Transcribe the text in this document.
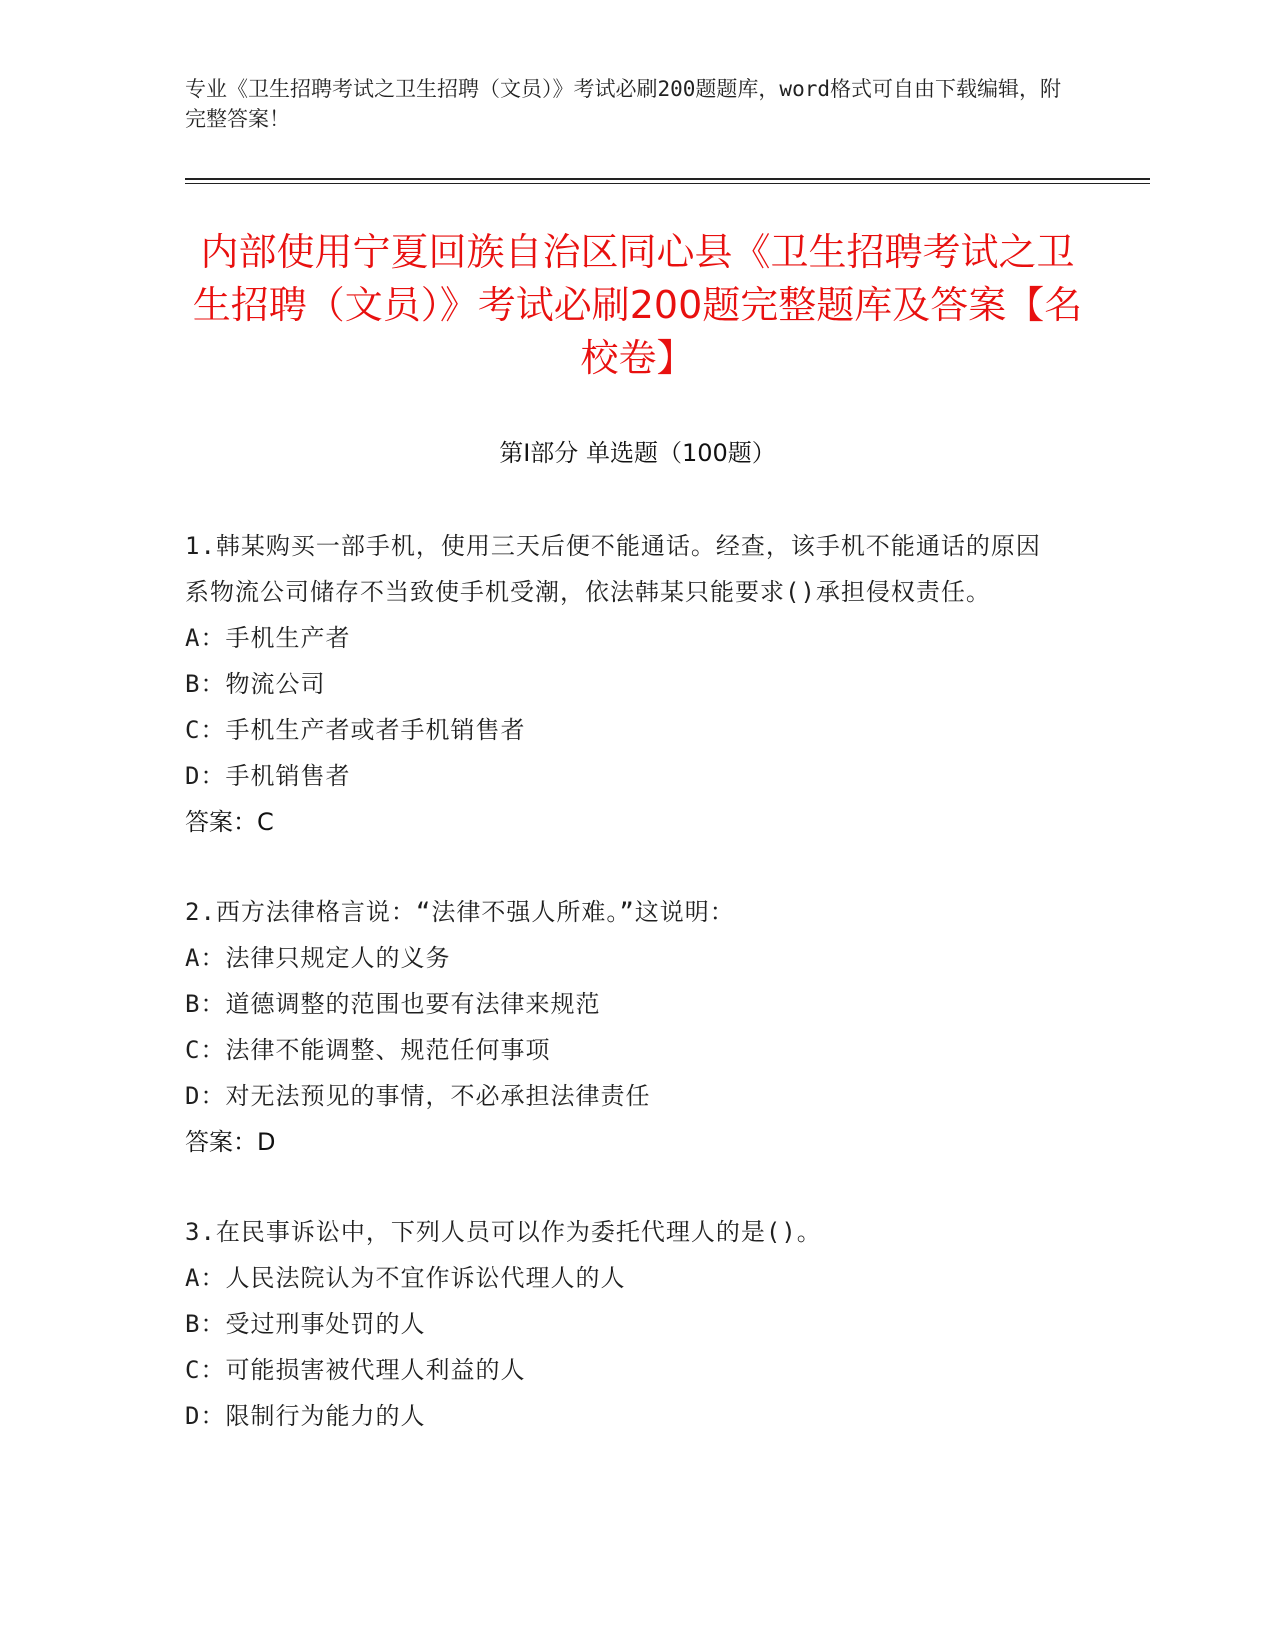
专业《卫生招聘考试之卫生招聘（文员）》考试必刷200题题库，word格式可自由下载编辑，附完整答案！
内部使用宁夏回族自治区同心县《卫生招聘考试之卫生招聘（文员）》考试必刷200题完整题库及答案【名校卷】
第Ⅰ部分 单选题（100题）
1.韩某购买一部手机，使用三天后便不能通话。经查，该手机不能通话的原因系物流公司储存不当致使手机受潮，依法韩某只能要求()承担侵权责任。
A：手机生产者
B：物流公司
C：手机生产者或者手机销售者
D：手机销售者
答案：C
2.西方法律格言说：“法律不强人所难。”这说明：
A：法律只规定人的义务
B：道德调整的范围也要有法律来规范
C：法律不能调整、规范任何事项
D：对无法预见的事情，不必承担法律责任
答案：D
3.在民事诉讼中，下列人员可以作为委托代理人的是()。
A：人民法院认为不宜作诉讼代理人的人
B：受过刑事处罚的人
C：可能损害被代理人利益的人
D：限制行为能力的人
